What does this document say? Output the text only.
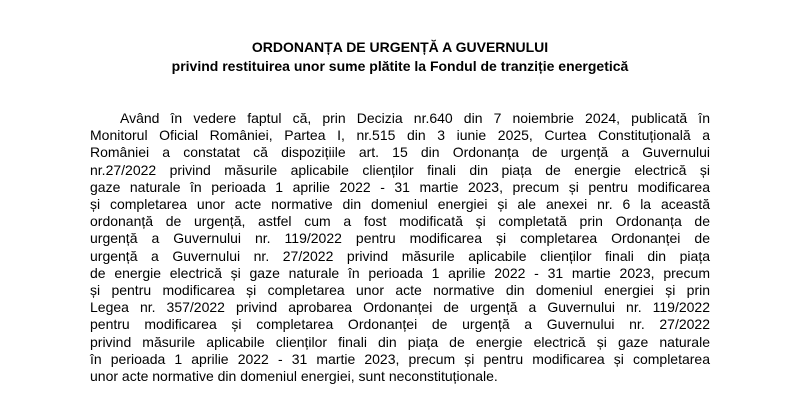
ORDONANȚA DE URGENȚĂ A GUVERNULUI
privind restituirea unor sume plătite la Fondul de tranziție energetică
Având în vedere faptul că, prin Decizia nr.640 din 7 noiembrie 2024, publicată în
Monitorul Oficial României, Partea I, nr.515 din 3 iunie 2025, Curtea Constituțională a
României a constatat că dispozițiile art. 15 din Ordonanța de urgență a Guvernului
nr.27/2022 privind măsurile aplicabile clienților finali din piața de energie electrică și
gaze naturale în perioada 1 aprilie 2022 - 31 martie 2023, precum și pentru modificarea
și completarea unor acte normative din domeniul energiei și ale anexei nr. 6 la această
ordonanță de urgență, astfel cum a fost modificată și completată prin Ordonanța de
urgență a Guvernului nr. 119/2022 pentru modificarea și completarea Ordonanței de
urgență a Guvernului nr. 27/2022 privind măsurile aplicabile clienților finali din piața
de energie electrică și gaze naturale în perioada 1 aprilie 2022 - 31 martie 2023, precum
și pentru modificarea și completarea unor acte normative din domeniul energiei și prin
Legea nr. 357/2022 privind aprobarea Ordonanței de urgență a Guvernului nr. 119/2022
pentru modificarea și completarea Ordonanței de urgență a Guvernului nr. 27/2022
privind măsurile aplicabile clienților finali din piața de energie electrică și gaze naturale
în perioada 1 aprilie 2022 - 31 martie 2023, precum și pentru modificarea și completarea
unor acte normative din domeniul energiei, sunt neconstituționale.
